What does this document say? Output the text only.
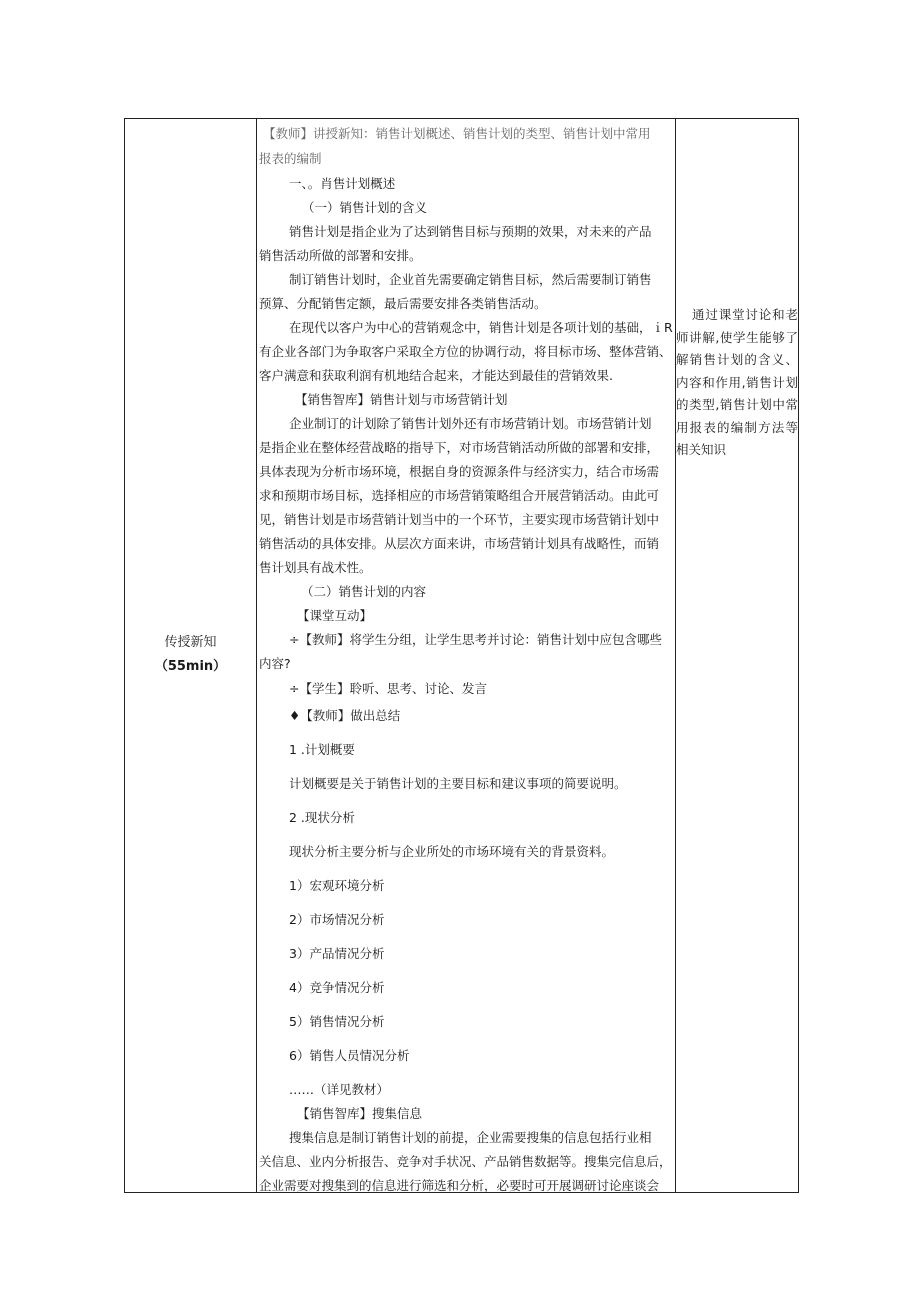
传授新知
（55min）
【教师】讲授新知：销售计划概述、销售计划的类型、销售计划中常用
报表的编制
一、。肖售计划概述
（一）销售计划的含义
销售计划是指企业为了达到销售目标与预期的效果，对未来的产品
销售活动所做的部署和安排。
制订销售计划时，企业首先需要确定销售目标，然后需要制订销售
预算、分配销售定额，最后需要安排各类销售活动。
在现代以客户为中心的营销观念中，销售计划是各项计划的基础，ｉR
有企业各部门为争取客户采取全方位的协调行动，将目标市场、整体营销、
客户满意和获取利润有机地结合起来，才能达到最佳的营销效果.
【销售智库】销售计划与市场营销计划
企业制订的计划除了销售计划外还有市场营销计划。市场营销计划
是指企业在整体经营战略的指导下，对市场营销活动所做的部署和安排，
具体表现为分析市场环境，根据自身的资源条件与经济实力，结合市场需
求和预期市场目标，选择相应的市场营销策略组合开展营销活动。由此可
见，销售计划是市场营销计划当中的一个环节，主要实现市场营销计划中
销售活动的具体安排。从层次方面来讲，市场营销计划具有战略性，而销
售计划具有战术性。
（二）销售计划的内容
【课堂互动】
÷【教师】将学生分组，让学生思考并讨论：销售计划中应包含哪些
内容?
÷【学生】聆听、思考、讨论、发言
♦【教师】做出总结
1 .计划概要
计划概要是关于销售计划的主要目标和建议事项的简要说明。
2 .现状分析
现状分析主要分析与企业所处的市场环境有关的背景资料。
1）宏观环境分析
2）市场情况分析
3）产品情况分析
4）竞争情况分析
5）销售情况分析
6）销售人员情况分析
……（详见教材）
【销售智库】搜集信息
搜集信息是制订销售计划的前提，企业需要搜集的信息包括行业相
关信息、业内分析报告、竞争对手状况、产品销售数据等。搜集完信息后，
企业需要对搜集到的信息进行筛选和分析，必要时可开展调研讨论座谈会
通过课堂讨论和老师讲解,使学生能够了解销售计划的含义、内容和作用,销售计划的类型,销售计划中常用报表的编制方法等相关知识
